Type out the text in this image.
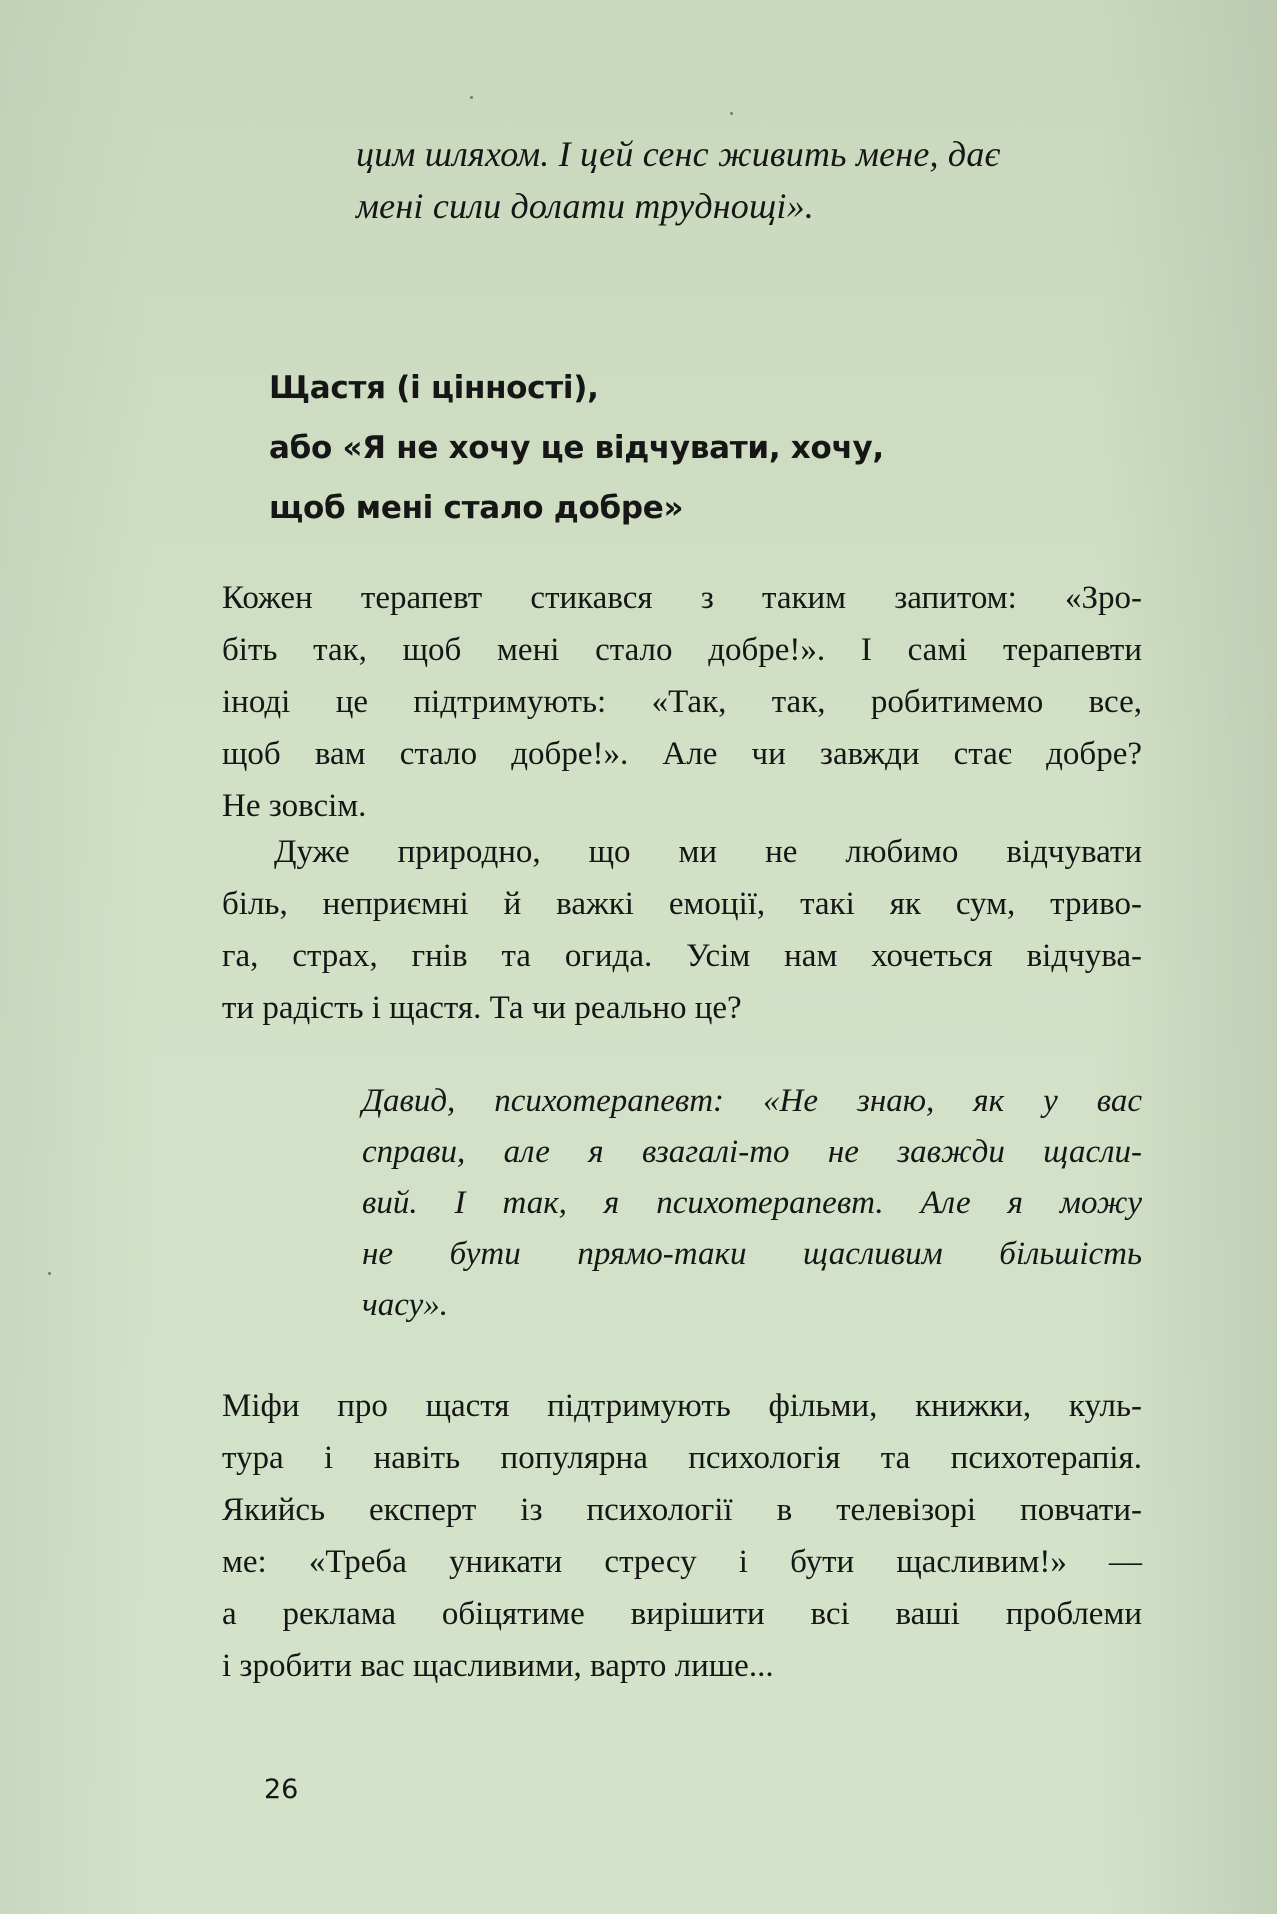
цим шляхом. І цей сенс живить мене, дає
мені сили долати труднощі».
Щастя (і цінності),
або «Я не хочу це відчувати, хочу,
щоб мені стало добре»
Кожен терапевт стикався з таким запитом: «Зро-
біть так, щоб мені стало добре!». І самі терапевти
іноді це підтримують: «Так, так, робитимемо все,
щоб вам стало добре!». Але чи завжди стає добре?
Не зовсім.
Дуже природно, що ми не любимо відчувати
біль, неприємні й важкі емоції, такі як сум, триво-
га, страх, гнів та огида. Усім нам хочеться відчува-
ти радість і щастя. Та чи реально це?
Давид, психотерапевт: «Не знаю, як у вас
справи, але я взагалі-то не завжди щасли-
вий. І так, я психотерапевт. Але я можу
не бути прямо-таки щасливим більшість
часу».
Міфи про щастя підтримують фільми, книжки, куль-
тура і навіть популярна психологія та психотерапія.
Якийсь експерт із психології в телевізорі повчати-
ме: «Треба уникати стресу і бути щасливим!» —
а реклама обіцятиме вирішити всі ваші проблеми
і зробити вас щасливими, варто лише...
26
